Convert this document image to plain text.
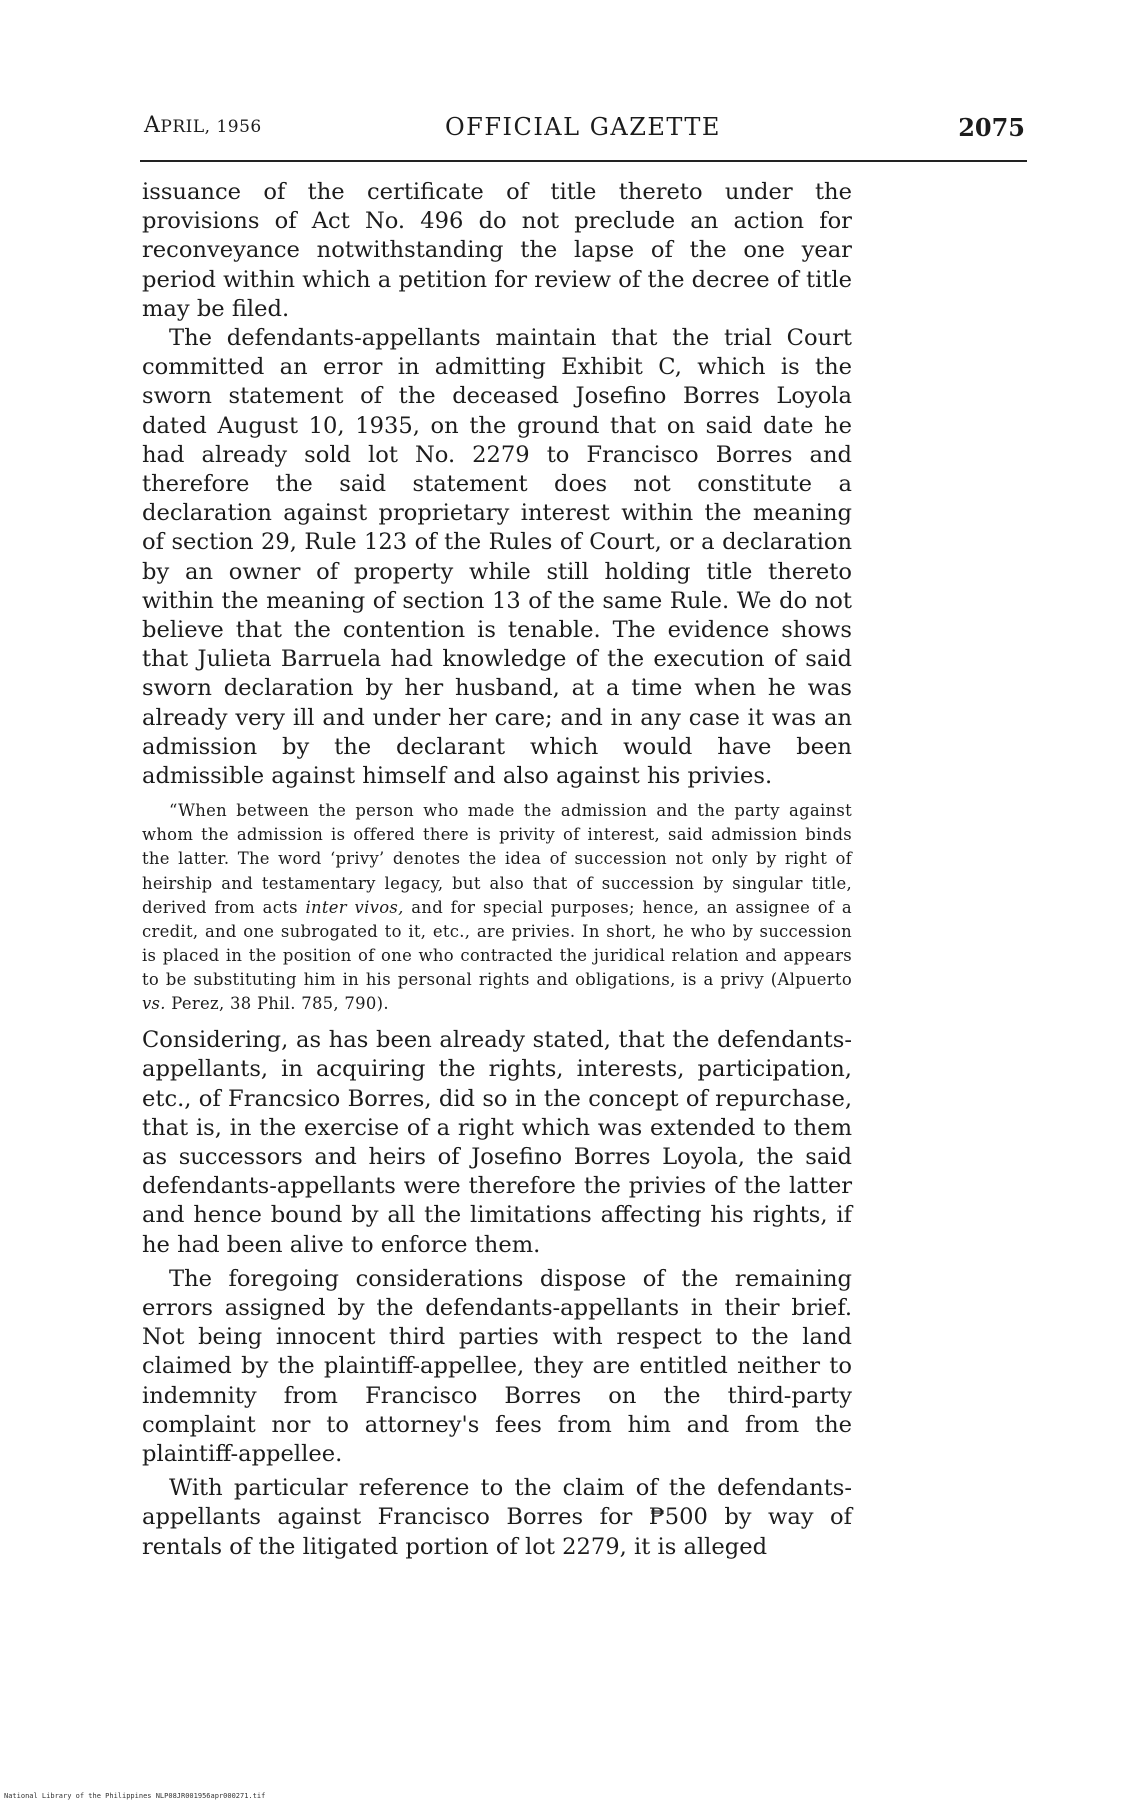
APRIL, 1956	OFFICIAL GAZETTE	2075

issuance of the certificate of title thereto under the provisions of Act No. 496 do not preclude an action for reconveyance notwithstanding the lapse of the one year period within which a petition for review of the decree of title may be filed.

The defendants-appellants maintain that the trial Court committed an error in admitting Exhibit C, which is the sworn statement of the deceased Josefino Borres Loyola dated August 10, 1935, on the ground that on said date he had already sold lot No. 2279 to Francisco Borres and therefore the said statement does not constitute a declaration against proprietary interest within the meaning of section 29, Rule 123 of the Rules of Court, or a declaration by an owner of property while still holding title thereto within the meaning of section 13 of the same Rule. We do not believe that the contention is tenable. The evidence shows that Julieta Barruela had knowledge of the execution of said sworn declaration by her husband, at a time when he was already very ill and under her care; and in any case it was an admission by the declarant which would have been admissible against himself and also against his privies.

“When between the person who made the admission and the party against whom the admission is offered there is privity of interest, said admission binds the latter. The word ‘privy’ denotes the idea of succession not only by right of heirship and testamentary legacy, but also that of succession by singular title, derived from acts inter vivos, and for special purposes; hence, an assignee of a credit, and one subrogated to it, etc., are privies. In short, he who by succession is placed in the position of one who contracted the juridical relation and appears to be substituting him in his personal rights and obligations, is a privy (Alpuerto vs. Perez, 38 Phil. 785, 790).

Considering, as has been already stated, that the defendants-appellants, in acquiring the rights, interests, participation, etc., of Francsico Borres, did so in the concept of repurchase, that is, in the exercise of a right which was extended to them as successors and heirs of Josefino Borres Loyola, the said defendants-appellants were therefore the privies of the latter and hence bound by all the limitations affecting his rights, if he had been alive to enforce them.

The foregoing considerations dispose of the remaining errors assigned by the defendants-appellants in their brief. Not being innocent third parties with respect to the land claimed by the plaintiff-appellee, they are entitled neither to indemnity from Francisco Borres on the third-party complaint nor to attorney's fees from him and from the plaintiff-appellee.

With particular reference to the claim of the defendants-appellants against Francisco Borres for ₱500 by way of rentals of the litigated portion of lot 2279, it is alleged

National Library of the Philippines NLP08JR001956apr000271.tif
